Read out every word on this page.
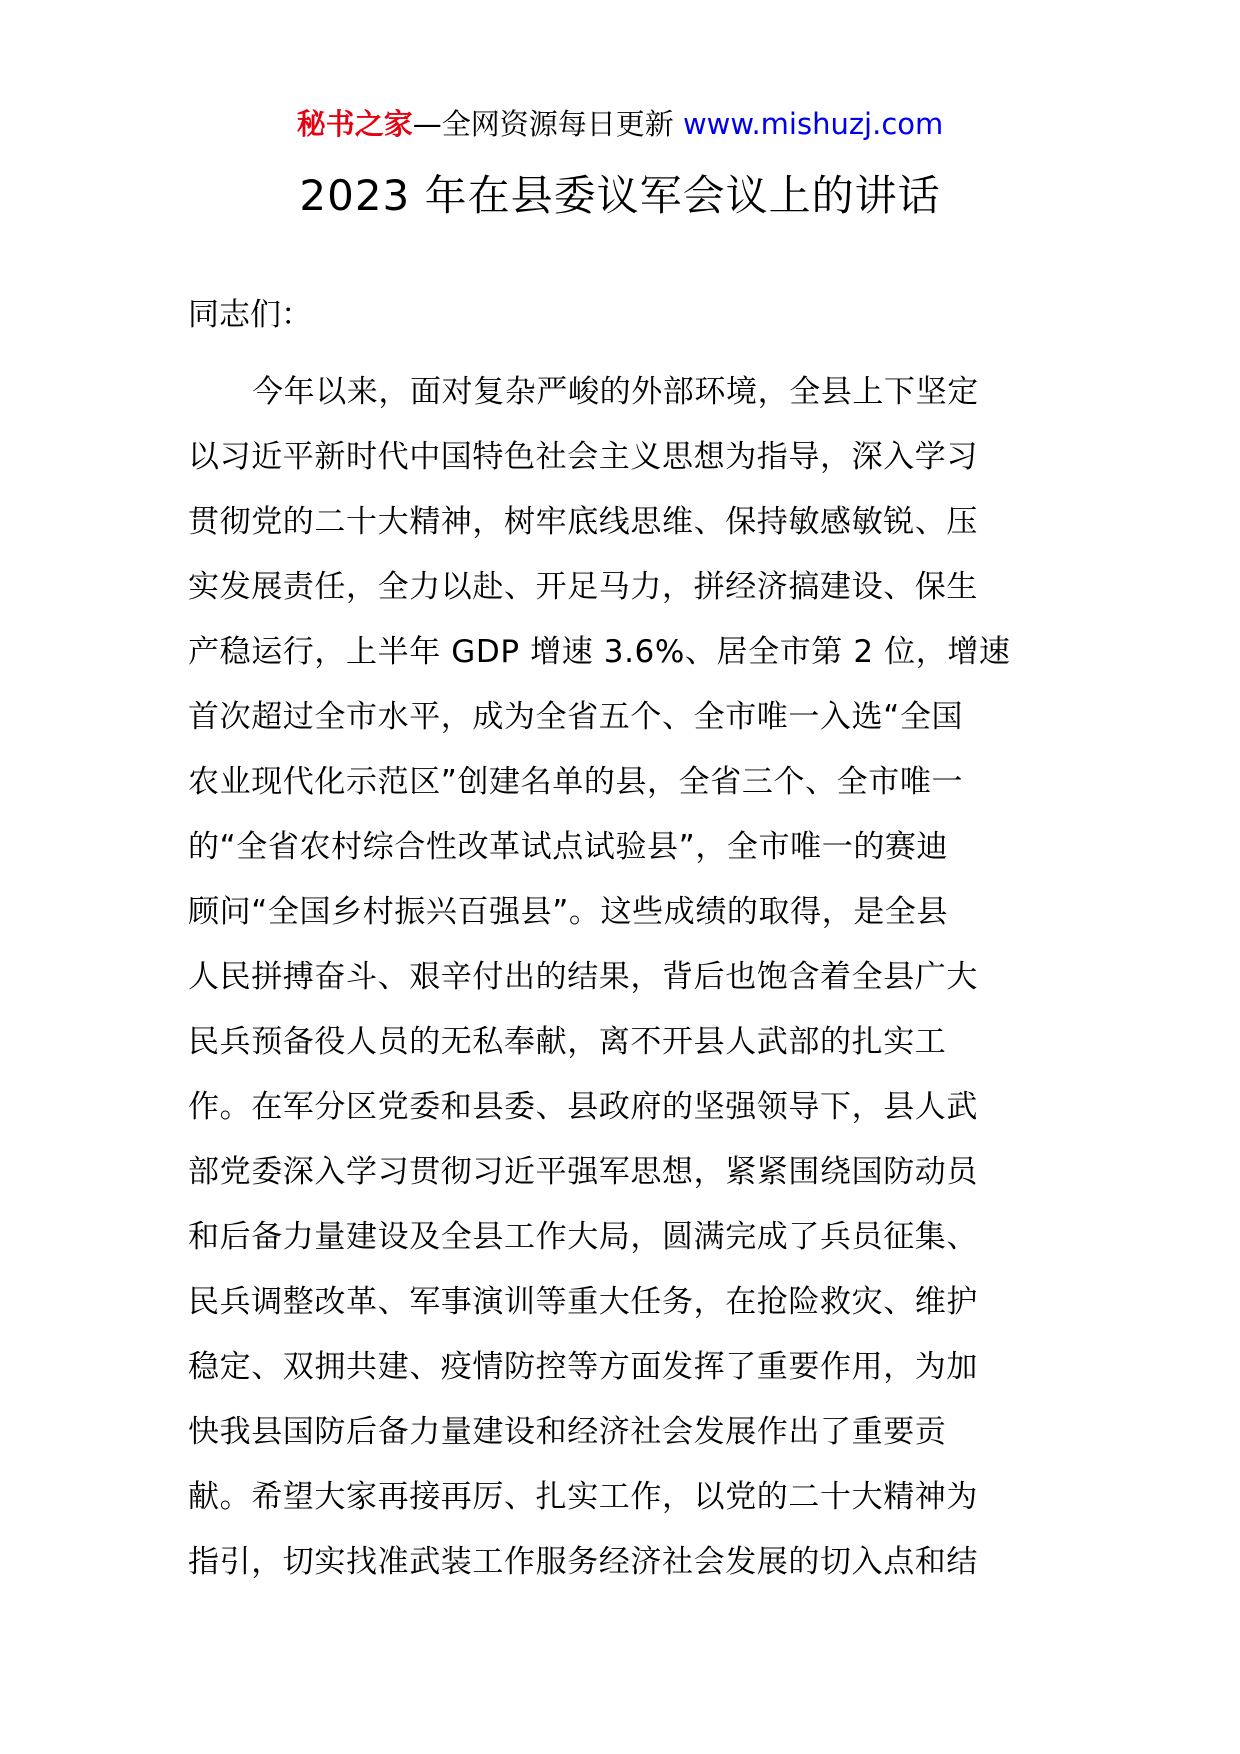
秘书之家—全网资源每日更新 www.mishuzj.com
2023 年在县委议军会议上的讲话
同志们：
今年以来，面对复杂严峻的外部环境，全县上下坚定
以习近平新时代中国特色社会主义思想为指导，深入学习
贯彻党的二十大精神，树牢底线思维、保持敏感敏锐、压
实发展责任，全力以赴、开足马力，拼经济搞建设、保生
产稳运行，上半年 GDP 增速 3.6%、居全市第 2 位，增速
首次超过全市水平，成为全省五个、全市唯一入选“全国
农业现代化示范区”创建名单的县，全省三个、全市唯一
的“全省农村综合性改革试点试验县”，全市唯一的赛迪
顾问“全国乡村振兴百强县”。这些成绩的取得，是全县
人民拼搏奋斗、艰辛付出的结果，背后也饱含着全县广大
民兵预备役人员的无私奉献，离不开县人武部的扎实工
作。在军分区党委和县委、县政府的坚强领导下，县人武
部党委深入学习贯彻习近平强军思想，紧紧围绕国防动员
和后备力量建设及全县工作大局，圆满完成了兵员征集、
民兵调整改革、军事演训等重大任务，在抢险救灾、维护
稳定、双拥共建、疫情防控等方面发挥了重要作用，为加
快我县国防后备力量建设和经济社会发展作出了重要贡
献。希望大家再接再厉、扎实工作，以党的二十大精神为
指引，切实找准武装工作服务经济社会发展的切入点和结
